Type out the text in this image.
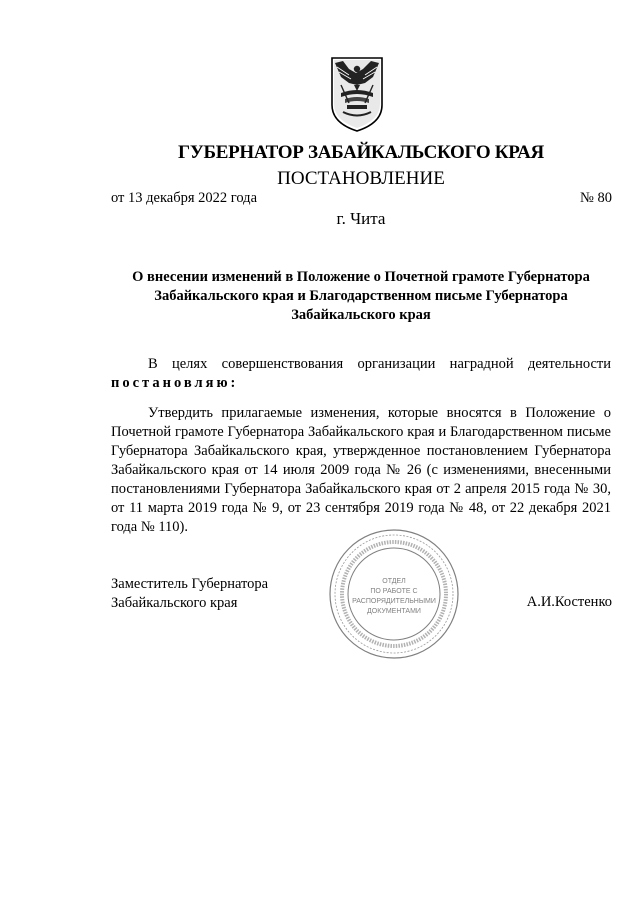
ГУБЕРНАТОР ЗАБАЙКАЛЬСКОГО КРАЯ
ПОСТАНОВЛЕНИЕ
от 13 декабря 2022 года	№ 80
г. Чита
О внесении изменений в Положение о Почетной грамоте Губернатора Забайкальского края и Благодарственном письме Губернатора Забайкальского края
В целях совершенствования организации наградной деятельности постановляю:
Утвердить прилагаемые изменения, которые вносятся в Положение о Почетной грамоте Губернатора Забайкальского края и Благодарственном письме Губернатора Забайкальского края, утвержденное постановлением Губернатора Забайкальского края от 14 июля 2009 года № 26 (с изменениями, внесенными постановлениями Губернатора Забайкальского края от 2 апреля 2015 года № 30, от 11 марта 2019 года № 9, от 23 сентября 2019 года № 48, от 22 декабря 2021 года № 110).
Заместитель Губернатора
Забайкальского края	А.И.Костенко
ОТДЕЛ
ПО РАБОТЕ С
РАСПОРЯДИТЕЛЬНЫМИ
ДОКУМЕНТАМИ
